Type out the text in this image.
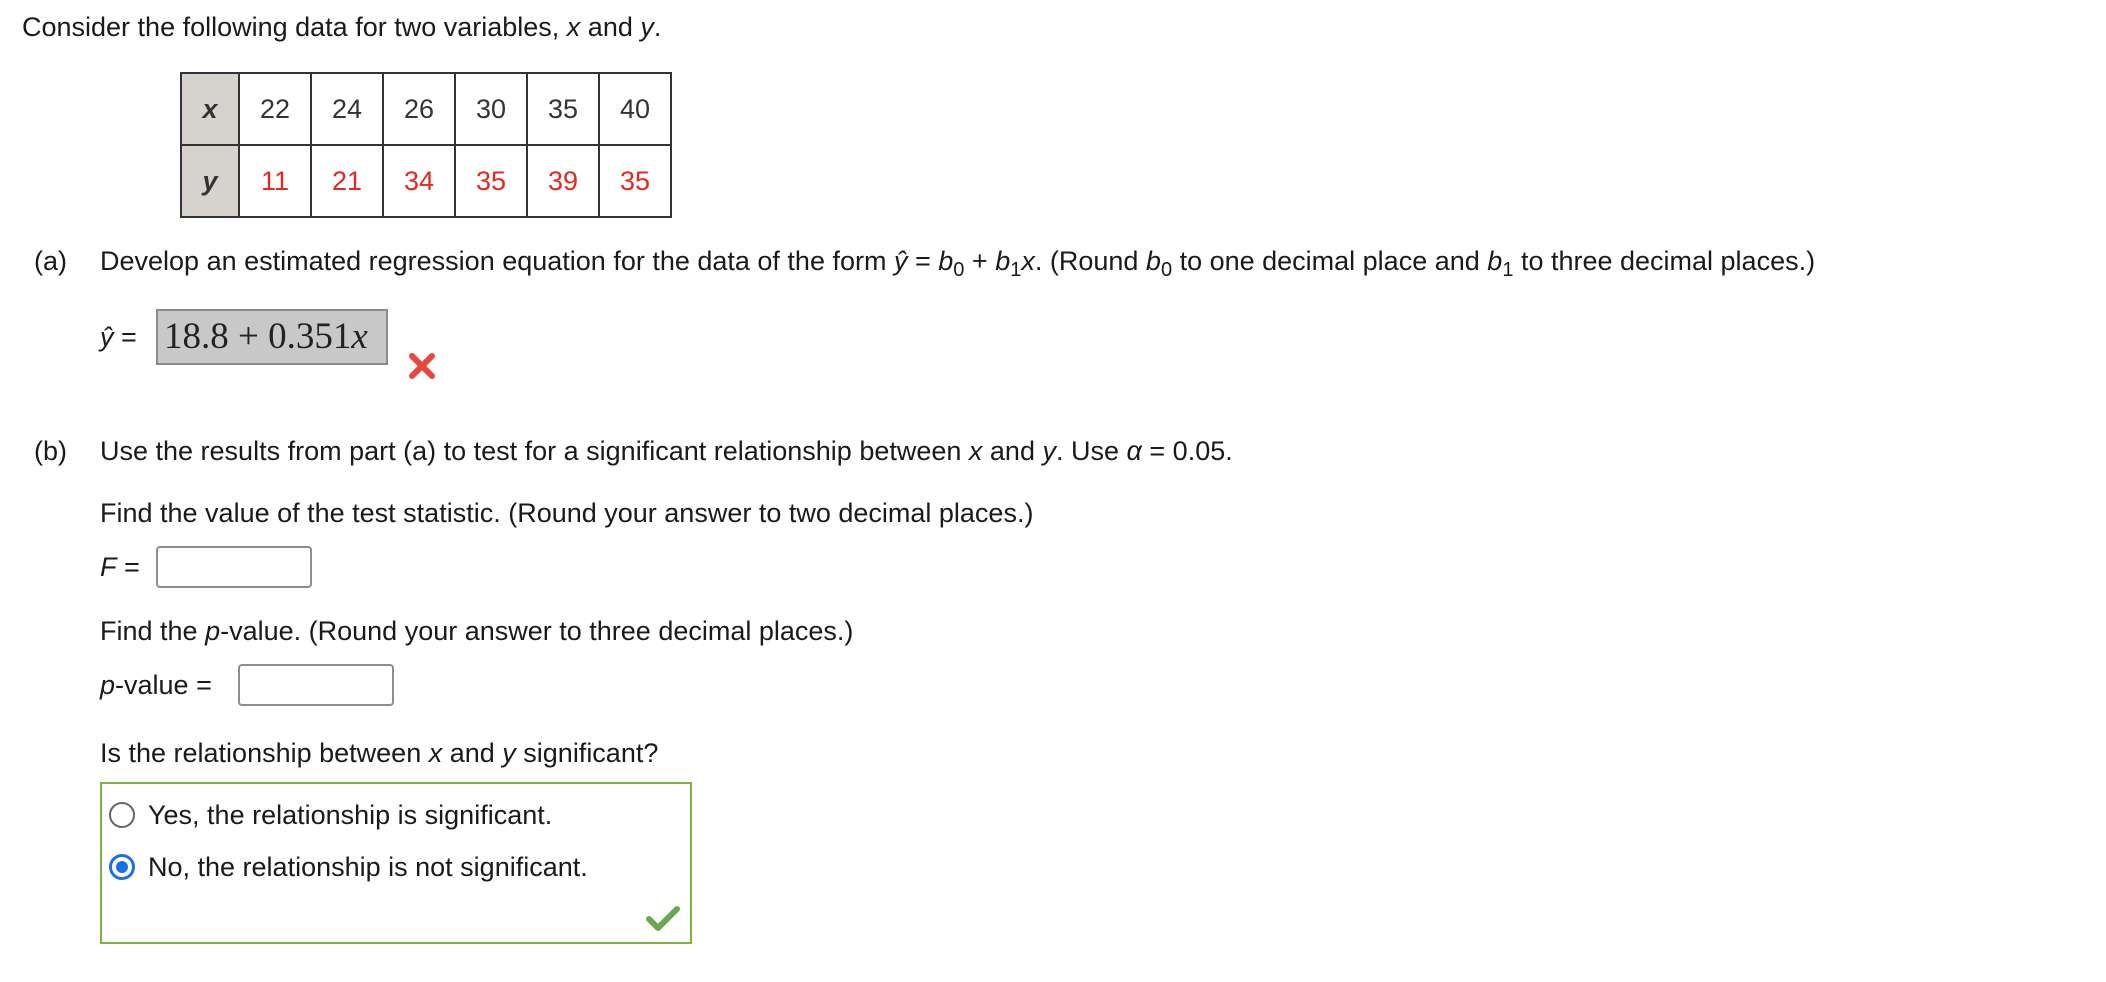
Consider the following data for two variables, x and y.
x	22	24	26	30	35	40
y	11	21	34	35	39	35
(a) Develop an estimated regression equation for the data of the form ŷ = $b_0 + b_1x$. (Round $b_0$ to one decimal place and $b_1$ to three decimal places.)
ŷ = 18.8 + 0.351x
(b) Use the results from part (a) to test for a significant relationship between x and y. Use α = 0.05.
Find the value of the test statistic. (Round your answer to two decimal places.)
F =
Find the p-value. (Round your answer to three decimal places.)
p-value =
Is the relationship between x and y significant?
Yes, the relationship is significant.
No, the relationship is not significant.
